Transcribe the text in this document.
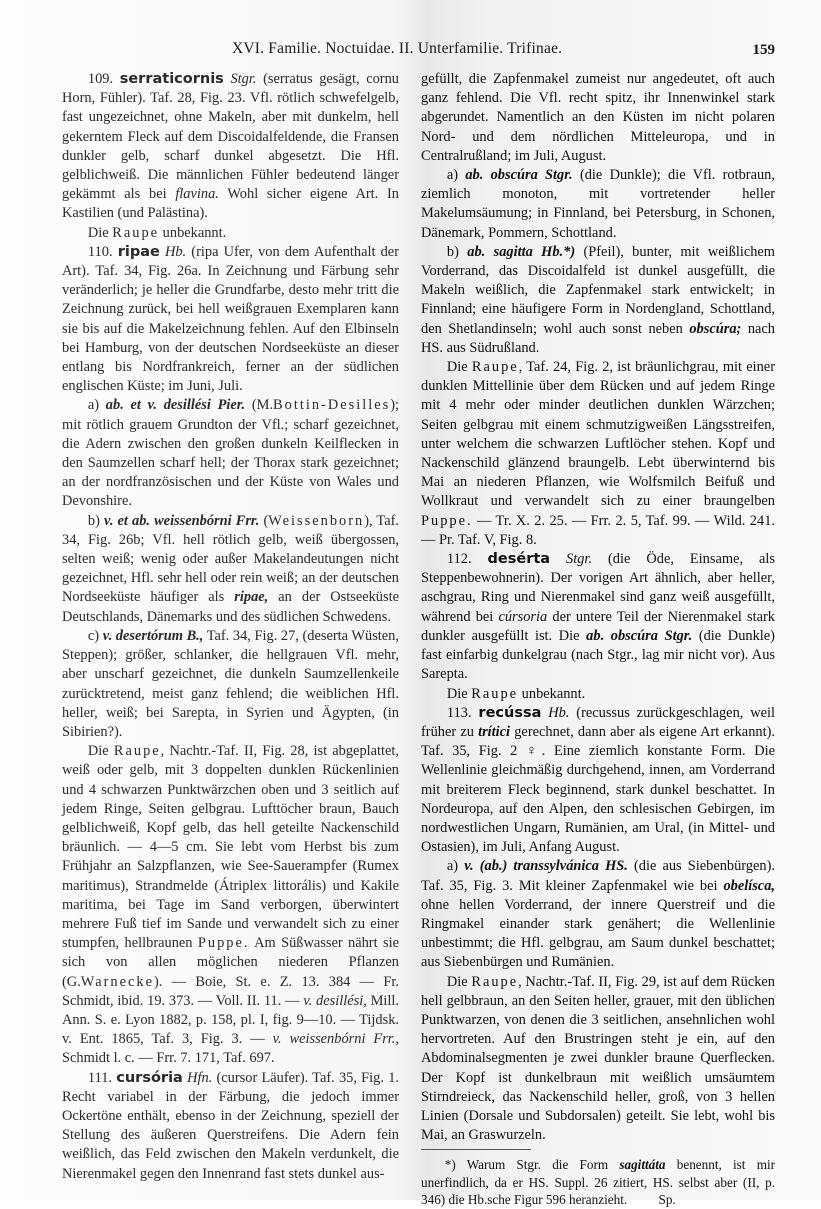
XVI. Familie. Noctuidae. II. Unterfamilie. Trifinae.	159

109. serraticornis Stgr. (serratus gesägt, cornu Horn, Fühler). Taf. 28, Fig. 23. Vfl. rötlich schwefelgelb, fast ungezeichnet, ohne Makeln, aber mit dunkelm, hell gekerntem Fleck auf dem Discoidalfeldende, die Fransen dunkler gelb, scharf dunkel abgesetzt. Die Hfl. gelblichweiß. Die männlichen Fühler bedeutend länger gekämmt als bei flavina. Wohl sicher eigene Art. In Kastilien (und Palästina).

Die Raupe unbekannt.

110. ripae Hb. (ripa Ufer, von dem Aufenthalt der Art). Taf. 34, Fig. 26a. In Zeichnung und Färbung sehr veränderlich; je heller die Grundfarbe, desto mehr tritt die Zeichnung zurück, bei hell weißgrauen Exemplaren kann sie bis auf die Makelzeichnung fehlen. Auf den Elbinseln bei Hamburg, von der deutschen Nordseeküste an dieser entlang bis Nordfrankreich, ferner an der südlichen englischen Küste; im Juni, Juli.

a) ab. et v. desillési Pier. (M.Bottin-Desilles); mit rötlich grauem Grundton der Vfl.; scharf gezeichnet, die Adern zwischen den großen dunkeln Keilflecken in den Saumzellen scharf hell; der Thorax stark gezeichnet; an der nordfranzösischen und der Küste von Wales und Devonshire.

b) v. et ab. weissenbórni Frr. (Weissenborn), Taf. 34, Fig. 26b; Vfl. hell rötlich gelb, weiß übergossen, selten weiß; wenig oder außer Makelandeutungen nicht gezeichnet, Hfl. sehr hell oder rein weiß; an der deutschen Nordseeküste häufiger als ripae, an der Ostseeküste Deutschlands, Dänemarks und des südlichen Schwedens.

c) v. desertórum B., Taf. 34, Fig. 27, (deserta Wüsten, Steppen); größer, schlanker, die hellgrauen Vfl. mehr, aber unscharf gezeichnet, die dunkeln Saumzellenkeile zurücktretend, meist ganz fehlend; die weiblichen Hfl. heller, weiß; bei Sarepta, in Syrien und Ägypten, (in Sibirien?).

Die Raupe, Nachtr.-Taf. II, Fig. 28, ist abgeplattet, weiß oder gelb, mit 3 doppelten dunklen Rückenlinien und 4 schwarzen Punktwärzchen oben und 3 seitlich auf jedem Ringe, Seiten gelbgrau. Lufttöcher braun, Bauch gelblichweiß, Kopf gelb, das hell geteilte Nackenschild bräunlich. — 4—5 cm. Sie lebt vom Herbst bis zum Frühjahr an Salzpflanzen, wie See-Sauerampfer (Rumex maritimus), Strandmelde (Átriplex littorális) und Kakile maritima, bei Tage im Sand verborgen, überwintert mehrere Fuß tief im Sande und verwandelt sich zu einer stumpfen, hellbraunen Puppe. Am Süßwasser nährt sie sich von allen möglichen niederen Pflanzen (G.Warnecke). — Boie, St. e. Z. 13. 384 — Fr. Schmidt, ibid. 19. 373. — Voll. II. 11. — v. desillési, Mill. Ann. S. e. Lyon 1882, p. 158, pl. I, fig. 9—10. — Tijdsk. v. Ent. 1865, Taf. 3, Fig. 3. — v. weissenbórni Frr., Schmidt l. c. — Frr. 7. 171, Taf. 697.

111. cursória Hfn. (cursor Läufer). Taf. 35, Fig. 1. Recht variabel in der Färbung, die jedoch immer Ockertöne enthält, ebenso in der Zeichnung, speziell der Stellung des äußeren Querstreifens. Die Adern fein weißlich, das Feld zwischen den Makeln verdunkelt, die Nierenmakel gegen den Innenrand fast stets dunkel aus-

gefüllt, die Zapfenmakel zumeist nur angedeutet, oft auch ganz fehlend. Die Vfl. recht spitz, ihr Innenwinkel stark abgerundet. Namentlich an den Küsten im nicht polaren Nord- und dem nördlichen Mitteleuropa, und in Centralrußland; im Juli, August.

a) ab. obscúra Stgr. (die Dunkle); die Vfl. rotbraun, ziemlich monoton, mit vortretender heller Makelumsäumung; in Finnland, bei Petersburg, in Schonen, Dänemark, Pommern, Schottland.

b) ab. sagitta Hb.*) (Pfeil), bunter, mit weißlichem Vorderrand, das Discoidalfeld ist dunkel ausgefüllt, die Makeln weißlich, die Zapfenmakel stark entwickelt; in Finnland; eine häufigere Form in Nordengland, Schottland, den Shetlandinseln; wohl auch sonst neben obscúra; nach HS. aus Südrußland.

Die Raupe, Taf. 24, Fig. 2, ist bräunlichgrau, mit einer dunklen Mittellinie über dem Rücken und auf jedem Ringe mit 4 mehr oder minder deutlichen dunklen Wärzchen; Seiten gelbgrau mit einem schmutzigweißen Längsstreifen, unter welchem die schwarzen Luftlöcher stehen. Kopf und Nackenschild glänzend braungelb. Lebt überwinternd bis Mai an niederen Pflanzen, wie Wolfsmilch Beifuß und Wollkraut und verwandelt sich zu einer braungelben Puppe. — Tr. X. 2. 25. — Frr. 2. 5, Taf. 99. — Wild. 241. — Pr. Taf. V, Fig. 8.

112. desérta Stgr. (die Öde, Einsame, als Steppenbewohnerin). Der vorigen Art ähnlich, aber heller, aschgrau, Ring und Nierenmakel sind ganz weiß ausgefüllt, während bei cúrsoria der untere Teil der Nierenmakel stark dunkler ausgefüllt ist. Die ab. obscúra Stgr. (die Dunkle) fast einfarbig dunkelgrau (nach Stgr., lag mir nicht vor). Aus Sarepta.

Die Raupe unbekannt.

113. recússa Hb. (recussus zurückgeschlagen, weil früher zu trítici gerechnet, dann aber als eigene Art erkannt). Taf. 35, Fig. 2 ♀. Eine ziemlich konstante Form. Die Wellenlinie gleichmäßig durchgehend, innen, am Vorderrand mit breiterem Fleck beginnend, stark dunkel beschattet. In Nordeuropa, auf den Alpen, den schlesischen Gebirgen, im nordwestlichen Ungarn, Rumänien, am Ural, (in Mittel- und Ostasien), im Juli, Anfang August.

a) v. (ab.) transsylvánica HS. (die aus Siebenbürgen). Taf. 35, Fig. 3. Mit kleiner Zapfenmakel wie bei obelísca, ohne hellen Vorderrand, der innere Querstreif und die Ringmakel einander stark genähert; die Wellenlinie unbestimmt; die Hfl. gelbgrau, am Saum dunkel beschattet; aus Siebenbürgen und Rumänien.

Die Raupe, Nachtr.-Taf. II, Fig. 29, ist auf dem Rücken hell gelbbraun, an den Seiten heller, grauer, mit den üblichen Punktwarzen, von denen die 3 seitlichen, ansehnlichen wohl hervortreten. Auf den Brustringen steht je ein, auf den Abdominalsegmenten je zwei dunkler braune Querflecken. Der Kopf ist dunkelbraun mit weißlich umsäumtem Stirndreieck, das Nackenschild heller, groß, von 3 hellen Linien (Dorsale und Subdorsalen) geteilt. Sie lebt, wohl bis Mai, an Graswurzeln.

*) Warum Stgr. die Form sagittáta benennt, ist mir unerfindlich, da er HS. Suppl. 26 zitiert, HS. selbst aber (II, p. 346) die Hb.sche Figur 596 heranzieht. Sp.
